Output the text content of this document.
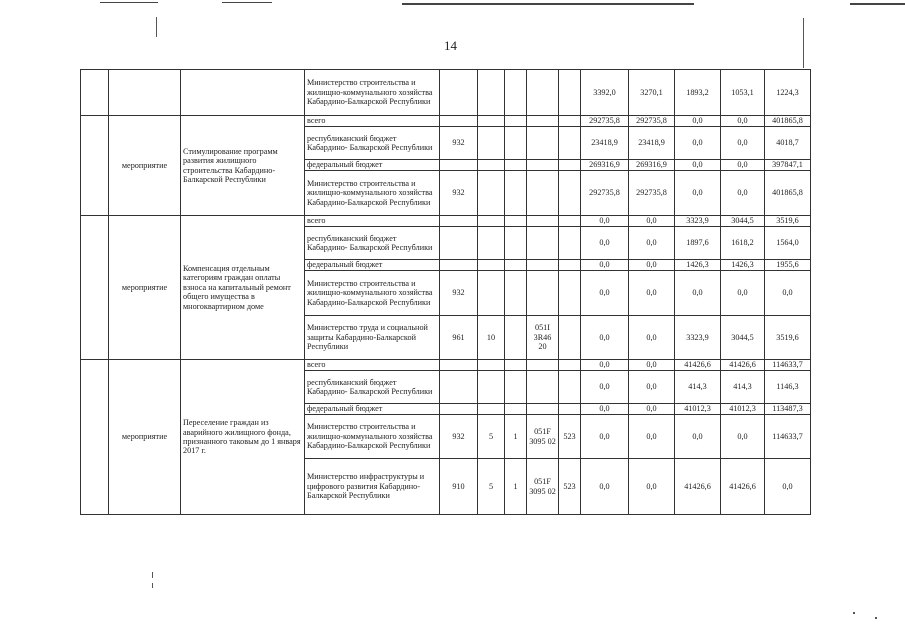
14
			Министерство строительства и жилищно-коммунального хозяйства Кабардино-Балкарской Республики						3392,0	3270,1	1893,2	1053,1	1224,3
	мероприятие	Стимулирование программ развития жилищного строительства Кабардино-Балкарской Республики	всего						292735,8	292735,8	0,0	0,0	401865,8
			республиканский бюджет Кабардино- Балкарской Республики	932					23418,9	23418,9	0,0	0,0	4018,7
			федеральный бюджет						269316,9	269316,9	0,0	0,0	397847,1
			Министерство строительства и жилищно-коммунального хозяйства Кабардино-Балкарской Республики	932					292735,8	292735,8	0,0	0,0	401865,8
	мероприятие	Компенсация отдельным категориям граждан оплаты взноса на капитальный ремонт общего имущества в многоквартирном доме	всего						0,0	0,0	3323,9	3044,5	3519,6
			республиканский бюджет Кабардино- Балкарской Республики						0,0	0,0	1897,6	1618,2	1564,0
			федеральный бюджет						0,0	0,0	1426,3	1426,3	1955,6
			Министерство строительства и жилищно-коммунального хозяйства Кабардино-Балкарской Республики	932					0,0	0,0	0,0	0,0	0,0
			Министерство труда и социальной защиты Кабардино-Балкарской Республики	961	10		051I 3R46 20		0,0	0,0	3323,9	3044,5	3519,6
	мероприятие	Переселение граждан из аварийного жилищного фонда, признанного таковым до 1 января 2017 г.	всего						0,0	0,0	41426,6	41426,6	114633,7
			республиканский бюджет Кабардино- Балкарской Республики						0,0	0,0	414,3	414,3	1146,3
			федеральный бюджет						0,0	0,0	41012,3	41012,3	113487,3
			Министерство строительства и жилищно-коммунального хозяйства Кабардино-Балкарской Республики	932	5	1	051F 3095 02	523	0,0	0,0	0,0	0,0	114633,7
			Министерство инфраструктуры и цифрового развития Кабардино-Балкарской Республики	910	5	1	051F 3095 02	523	0,0	0,0	41426,6	41426,6	0,0
